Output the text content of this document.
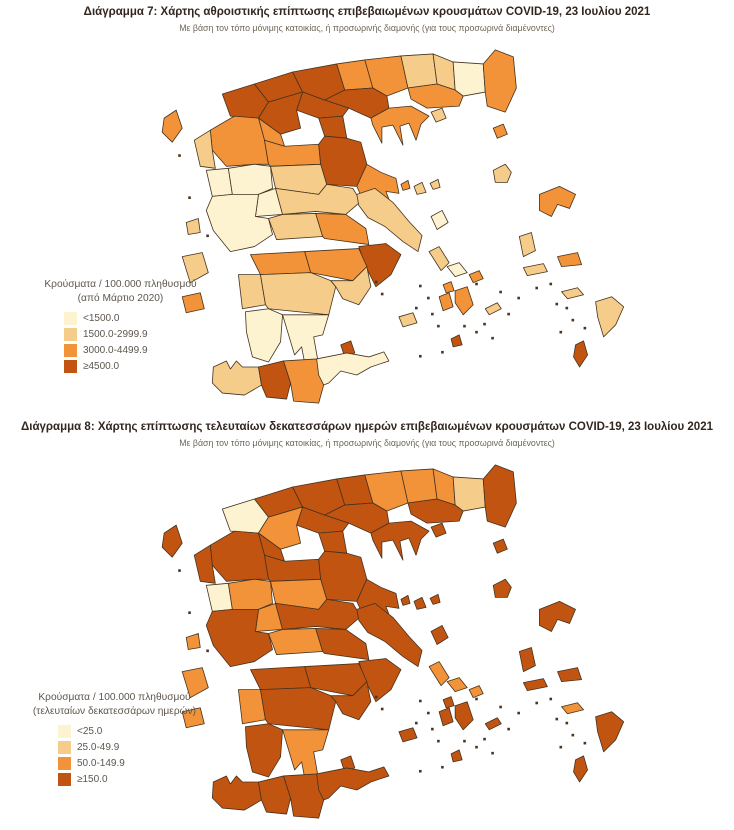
Διάγραμμα 7: Χάρτης αθροιστικής επίπτωσης επιβεβαιωμένων κρουσμάτων COVID-19, 23 Ιουλίου 2021
Με βάση τον τόπο μόνιμης κατοικίας, ή προσωρινής διαμονής (για τους προσωρινά διαμένοντες)
Κρούσματα / 100.000 πληθυσμού
(από Μάρτιο 2020)
<1500.0
1500.0-2999.9
3000.0-4499.9
≥4500.0
Διάγραμμα 8: Χάρτης επίπτωσης τελευταίων δεκατεσσάρων ημερών επιβεβαιωμένων κρουσμάτων COVID-19, 23 Ιουλίου 2021
Με βάση τον τόπο μόνιμης κατοικίας, ή προσωρινής διαμονής (για τους προσωρινά διαμένοντες)
Κρούσματα / 100.000 πληθυσμού
(τελευταίων δεκατεσσάρων ημερών)
<25.0
25.0-49.9
50.0-149.9
≥150.0
